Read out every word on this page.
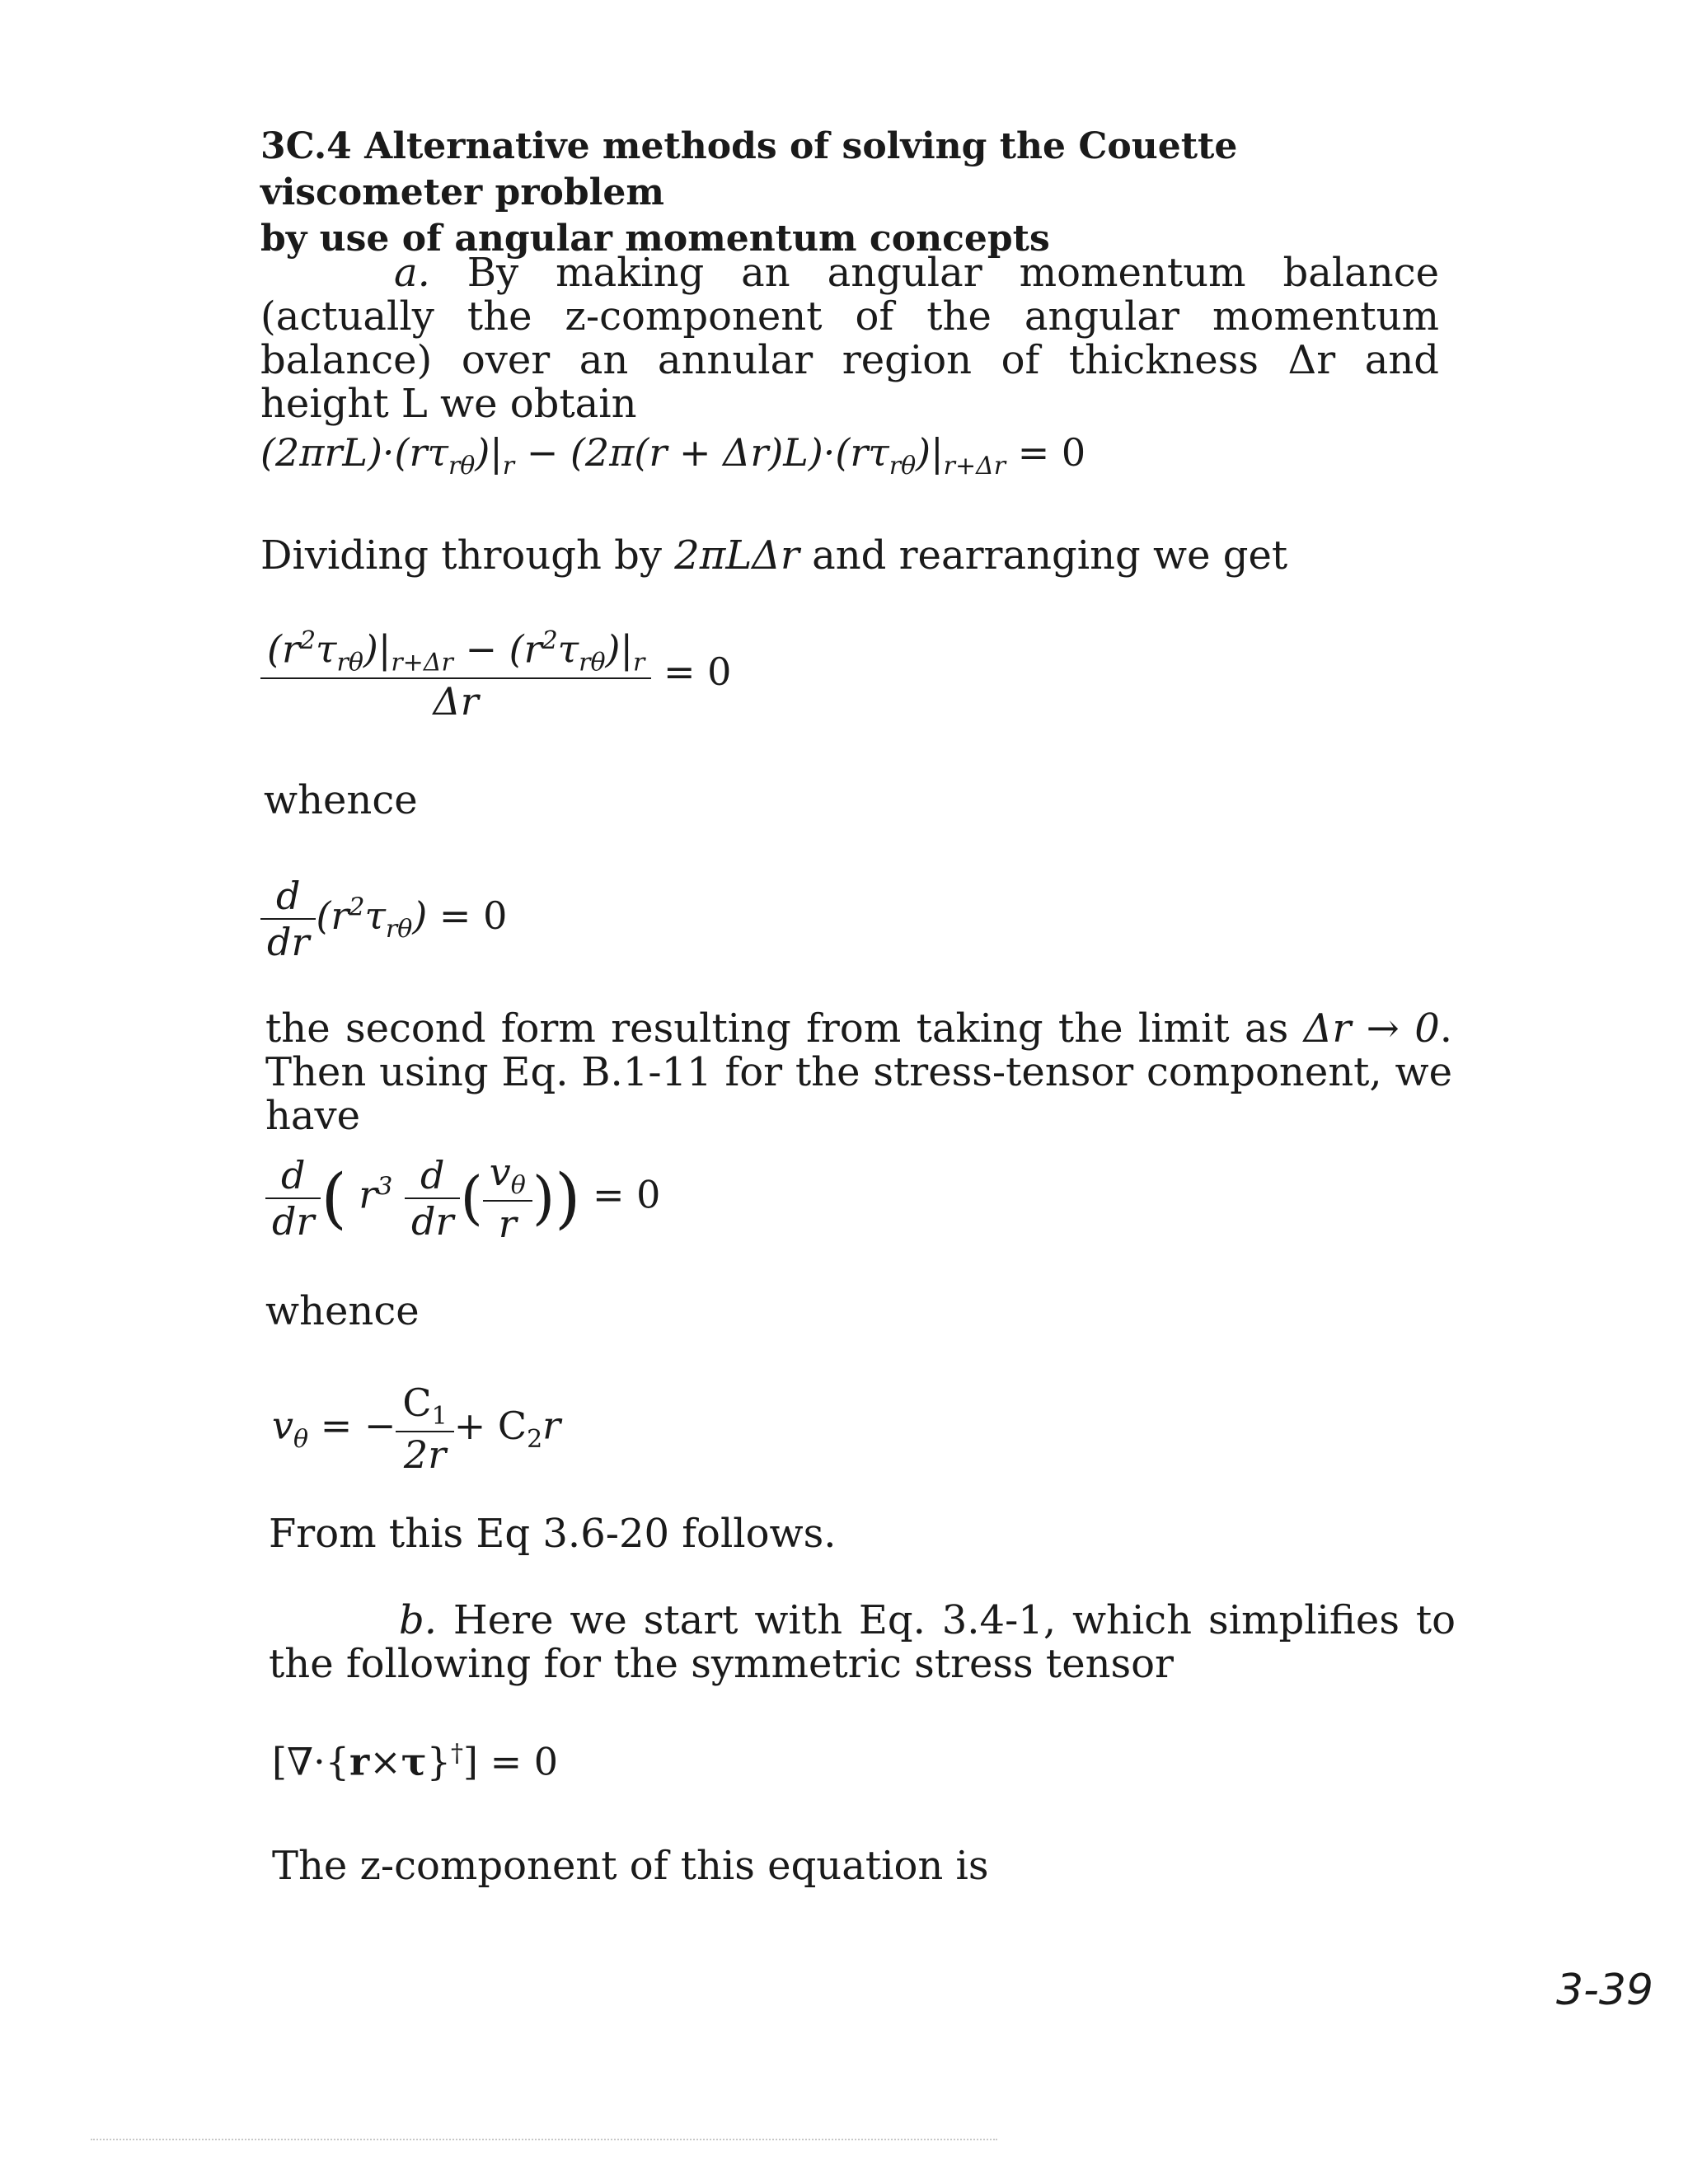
3C.4 Alternative methods of solving the Couette viscometer problem
by use of angular momentum concepts
a. By making an angular momentum balance (actually the z-component of the angular momentum balance) over an annular region of thickness Δr and height L we obtain
$(2\pi rL)\cdot(r\tau_{r\theta})|_r - (2\pi(r + \Delta r)L)\cdot(r\tau_{r\theta})|_{r+\Delta r} = 0$
Dividing through by 2πLΔr and rearranging we get
$\frac{(r^2\tau_{r\theta})|_{r+\Delta r} - (r^2\tau_{r\theta})|_r}{\Delta r} = 0$
whence
$\frac{d}{dr} (r^2\tau_{r\theta}) = 0$
the second form resulting from taking the limit as Δr → 0. Then using Eq. B.1-11 for the stress-tensor component, we have
$\frac{d}{dr}$ ( $r^3 \frac{d}{dr}$ ( $\frac{v_\theta}{r}$ )) = 0
whence
$v_\theta$ = − $\frac{C_1}{2r} + C_2r$
From this Eq 3.6-20 follows.
b. Here we start with Eq. 3.4-1, which simplifies to the following for the symmetric stress tensor
[∇·{r×τ}†] = 0
The z-component of this equation is
3-39
